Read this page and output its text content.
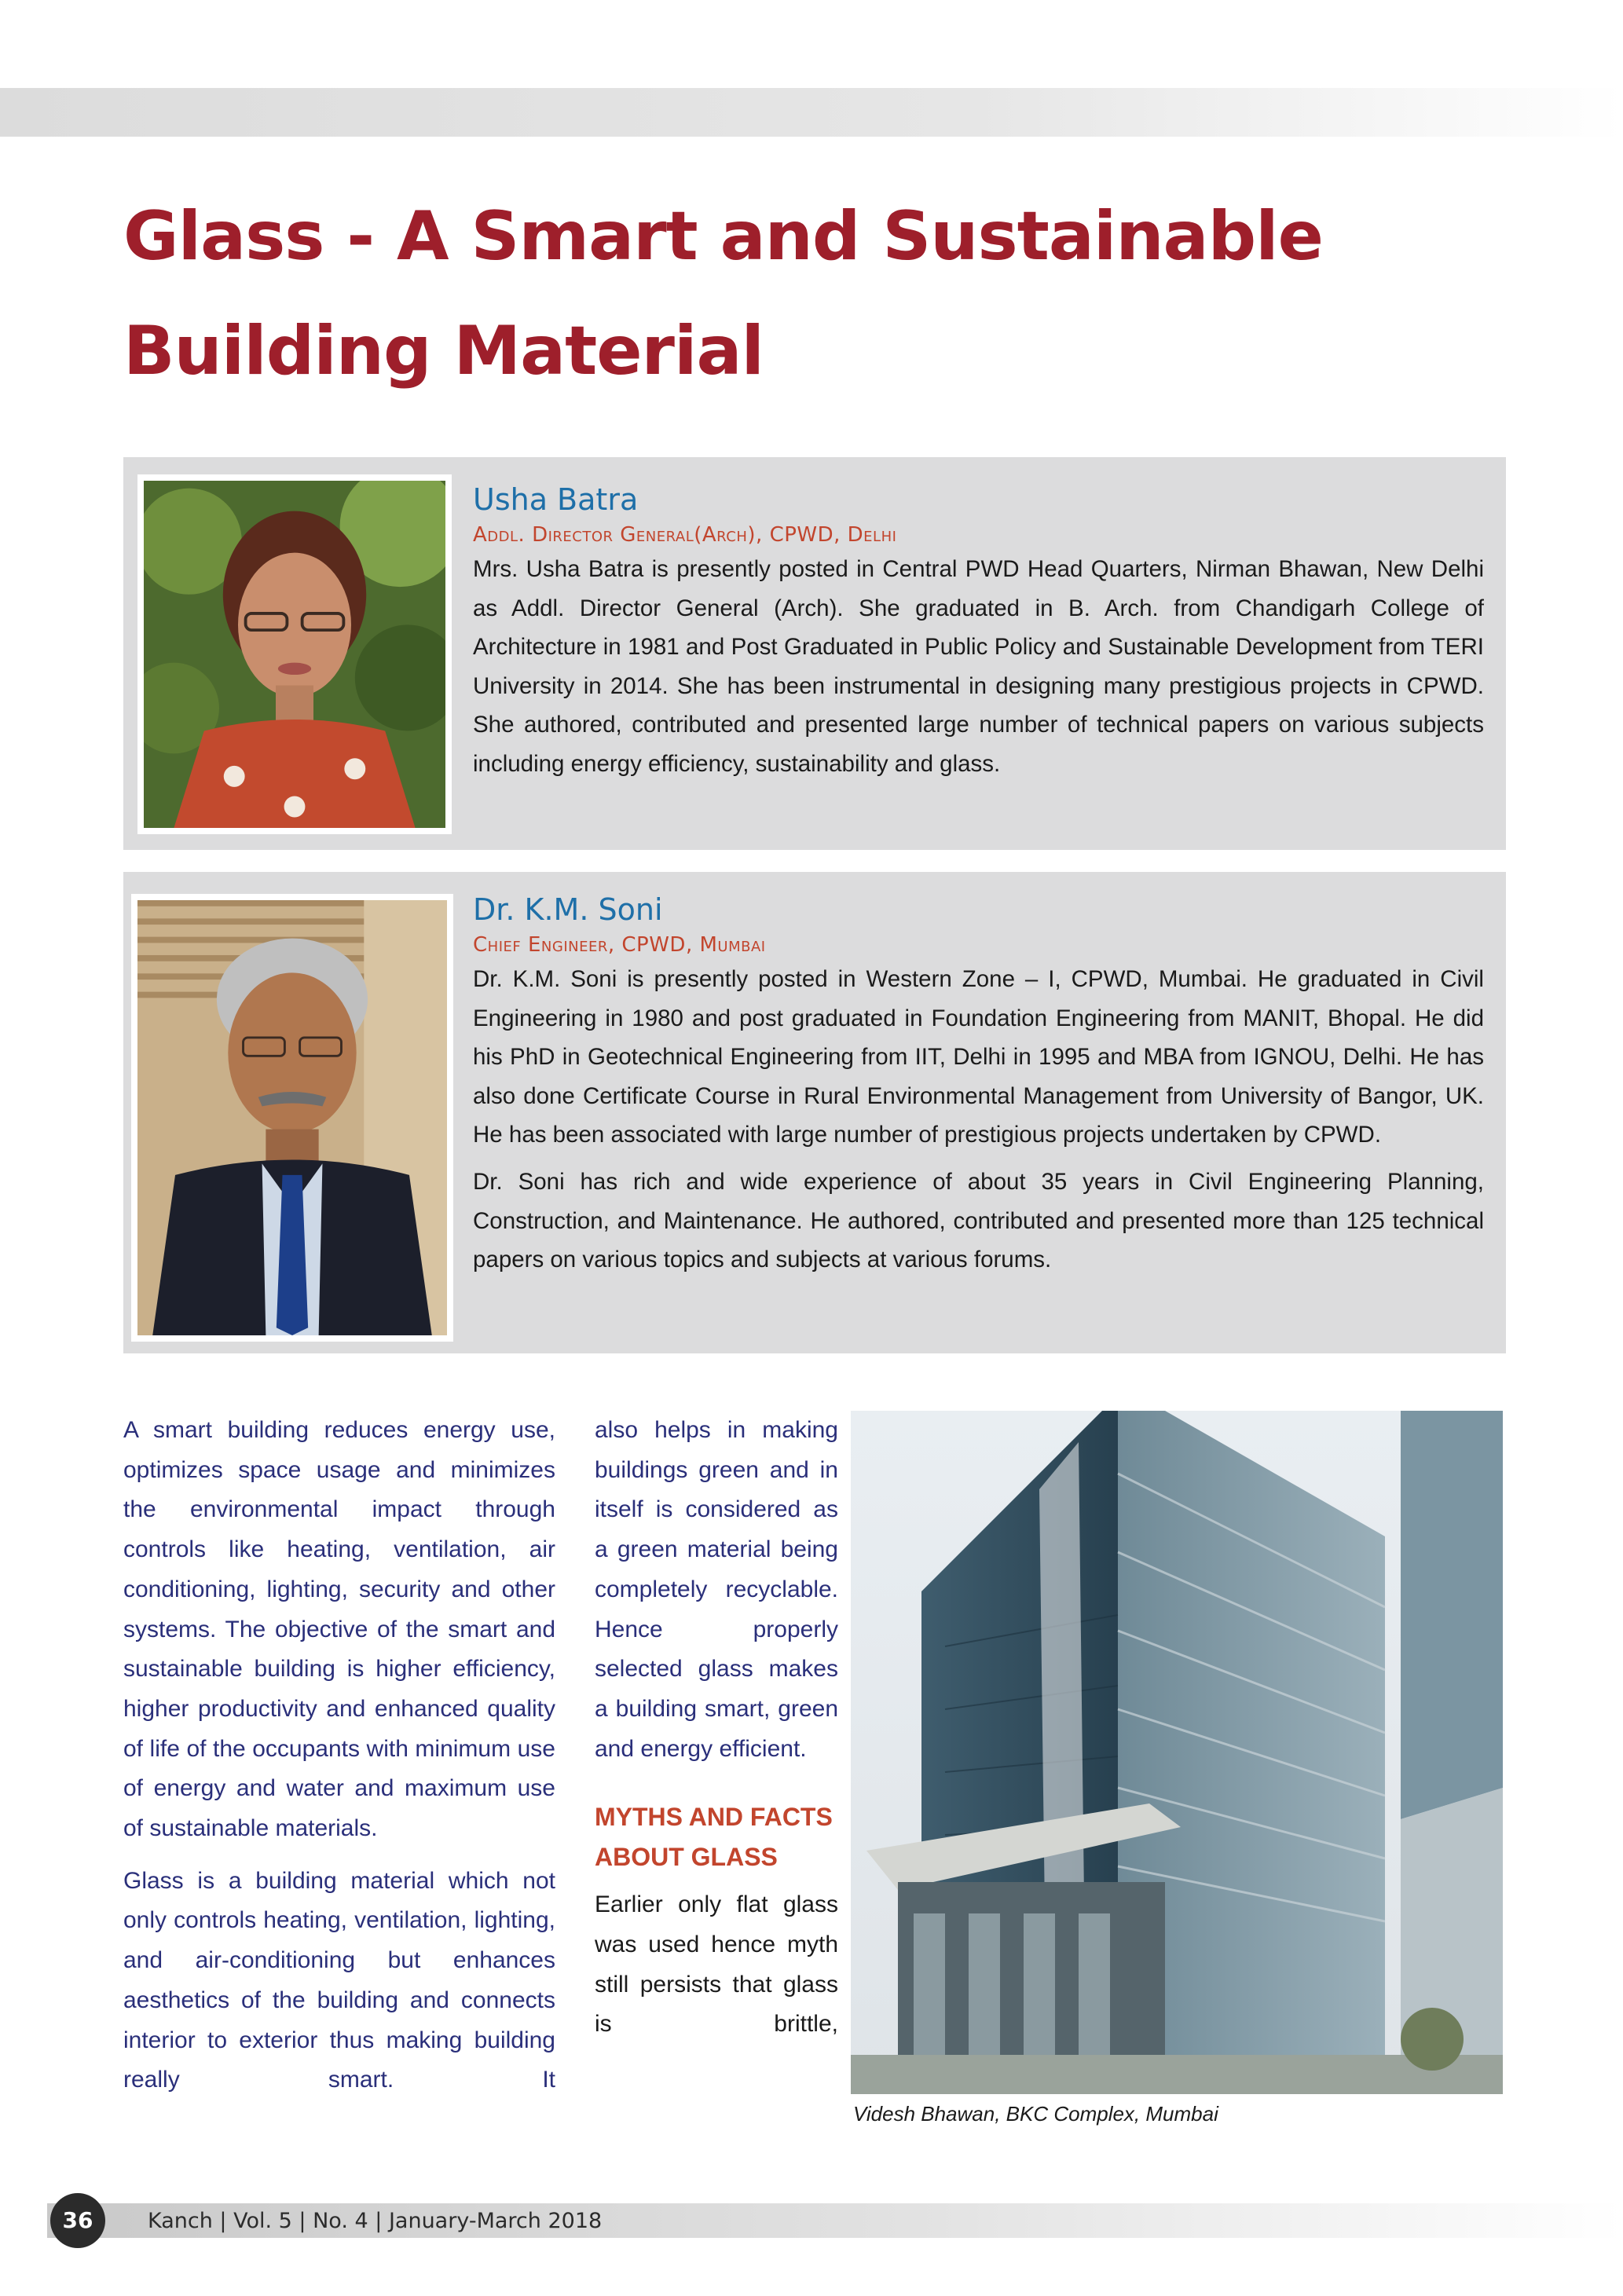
Glass - A Smart and Sustainable
Building Material
Usha Batra
Addl. Director General(Arch), CPWD, Delhi

Mrs. Usha Batra is presently posted in Central PWD Head Quarters, Nirman Bhawan, New Delhi as Addl. Director General (Arch). She graduated in B. Arch. from Chandigarh College of Architecture in 1981 and Post Graduated in Public Policy and Sustainable Development from TERI University in 2014. She has been instrumental in designing many prestigious projects in CPWD. She authored, contributed and presented large number of technical papers on various subjects including energy efficiency, sustainability and glass.

Dr. K.M. Soni
Chief Engineer, CPWD, Mumbai

Dr. K.M. Soni is presently posted in Western Zone – I, CPWD, Mumbai. He graduated in Civil Engineering in 1980 and post graduated in Foundation Engineering from MANIT, Bhopal. He did his PhD in Geotechnical Engineering from IIT, Delhi in 1995 and MBA from IGNOU, Delhi. He has also done Certificate Course in Rural Environmental Management from University of Bangor, UK. He has been associated with large number of prestigious projects undertaken by CPWD.

Dr. Soni has rich and wide experience of about 35 years in Civil Engineering Planning, Construction, and Maintenance. He authored, contributed and presented more than 125 technical papers on various topics and subjects at various forums.

A smart building reduces energy use, optimizes space usage and minimizes the environmental impact through controls like heating, ventilation, air conditioning, lighting, security and other systems. The objective of the smart and sustainable building is higher efficiency, higher productivity and enhanced quality of life of the occupants with minimum use of energy and water and maximum use of sustainable materials.

Glass is a building material which not only controls heating, ventilation, lighting, and air-conditioning but enhances aesthetics of the building and connects interior to exterior thus making building really smart. It

also helps in making buildings green and in itself is considered as a green material being completely recyclable. Hence properly selected glass makes a building smart, green and energy efficient.

MYTHS AND FACTS ABOUT GLASS

Earlier only flat glass was used hence myth still persists that glass is brittle,

Videsh Bhawan, BKC Complex, Mumbai
36	Kanch | Vol. 5 | No. 4 | January-March 2018
